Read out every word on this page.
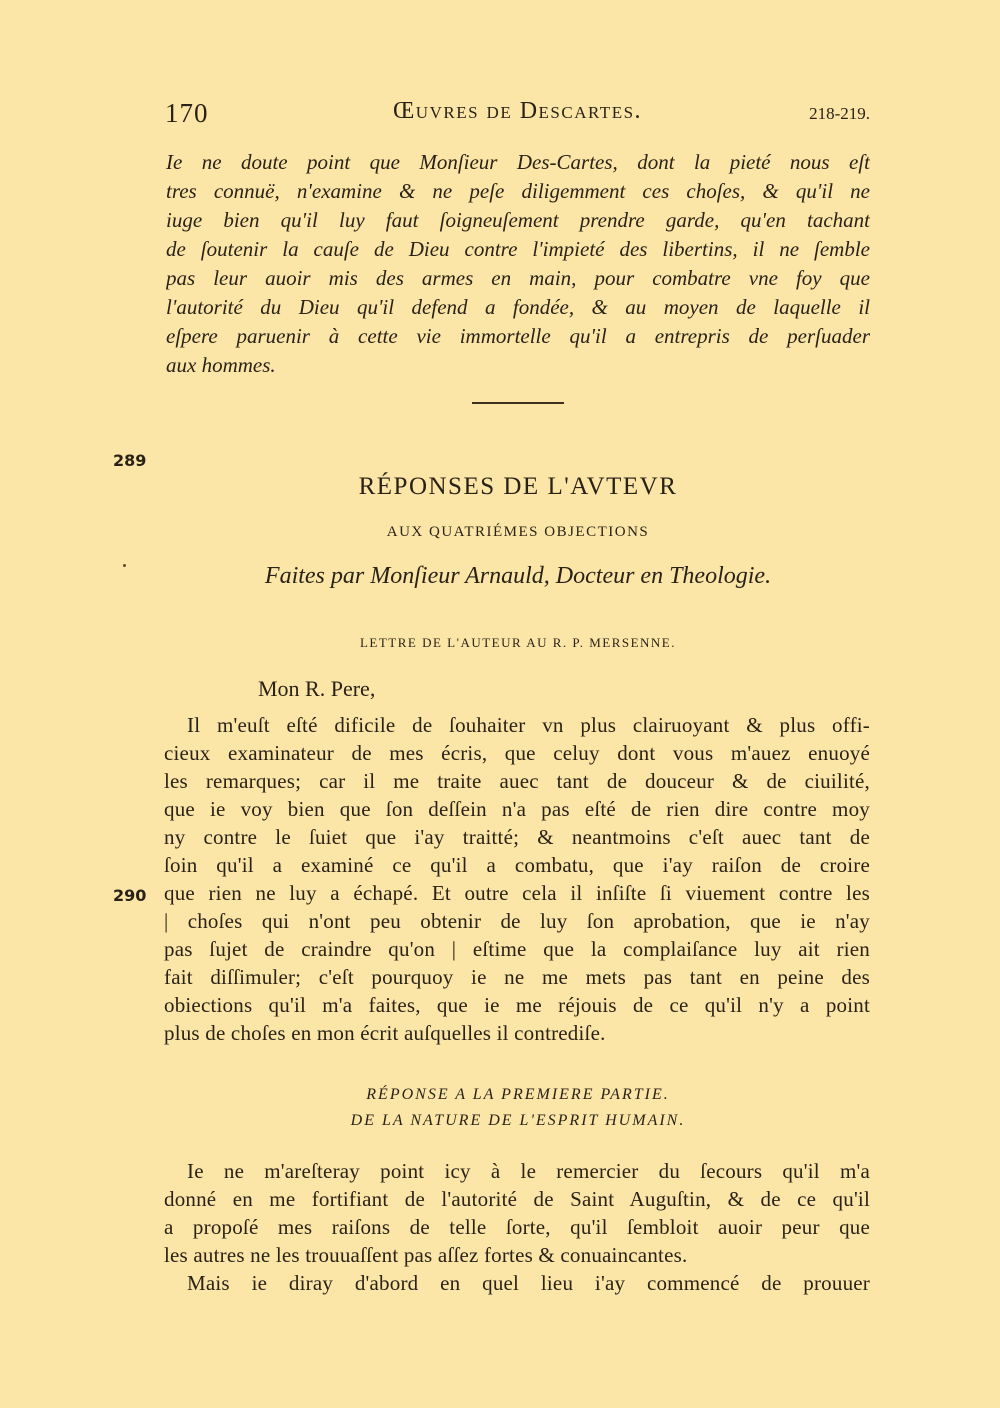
170	Œuvres de Descartes.	218-219.
Ie ne doute point que Monſieur Des-Cartes, dont la pieté nous eſt
tres connuë, n'examine & ne peſe diligemment ces choſes, & qu'il ne
iuge bien qu'il luy faut ſoigneuſement prendre garde, qu'en tachant
de ſoutenir la cauſe de Dieu contre l'impieté des libertins, il ne ſemble
pas leur auoir mis des armes en main, pour combatre vne foy que
l'autorité du Dieu qu'il defend a fondée, & au moyen de laquelle il
eſpere paruenir à cette vie immortelle qu'il a entrepris de perſuader
aux hommes.
289
290
RÉPONSES DE L'AVTEVR
AUX QUATRIÉMES OBJECTIONS
Faites par Monſieur Arnauld, Docteur en Theologie.
LETTRE DE L'AUTEUR AU R. P. MERSENNE.
Mon R. Pere,
Il m'euſt eſté dificile de ſouhaiter vn plus clairuoyant & plus offi-
cieux examinateur de mes écris, que celuy dont vous m'auez enuoyé
les remarques; car il me traite auec tant de douceur & de ciuilité,
que ie voy bien que ſon deſſein n'a pas eſté de rien dire contre moy
ny contre le ſuiet que i'ay traitté; & neantmoins c'eſt auec tant de
ſoin qu'il a examiné ce qu'il a combatu, que i'ay raiſon de croire
que rien ne luy a échapé. Et outre cela il inſiſte ſi viuement contre les
| choſes qui n'ont peu obtenir de luy ſon aprobation, que ie n'ay
pas ſujet de craindre qu'on | eſtime que la complaiſance luy ait rien
fait diſſimuler; c'eſt pourquoy ie ne me mets pas tant en peine des
obiections qu'il m'a faites, que ie me réjouis de ce qu'il n'y a point
plus de choſes en mon écrit auſquelles il contrediſe.
RÉPONSE A LA PREMIERE PARTIE.
DE LA NATURE DE L'ESPRIT HUMAIN.
Ie ne m'areſteray point icy à le remercier du ſecours qu'il m'a
donné en me fortifiant de l'autorité de Saint Auguſtin, & de ce qu'il
a propoſé mes raiſons de telle ſorte, qu'il ſembloit auoir peur que
les autres ne les trouuaſſent pas aſſez fortes & conuaincantes.
Mais ie diray d'abord en quel lieu i'ay commencé de prouuer
